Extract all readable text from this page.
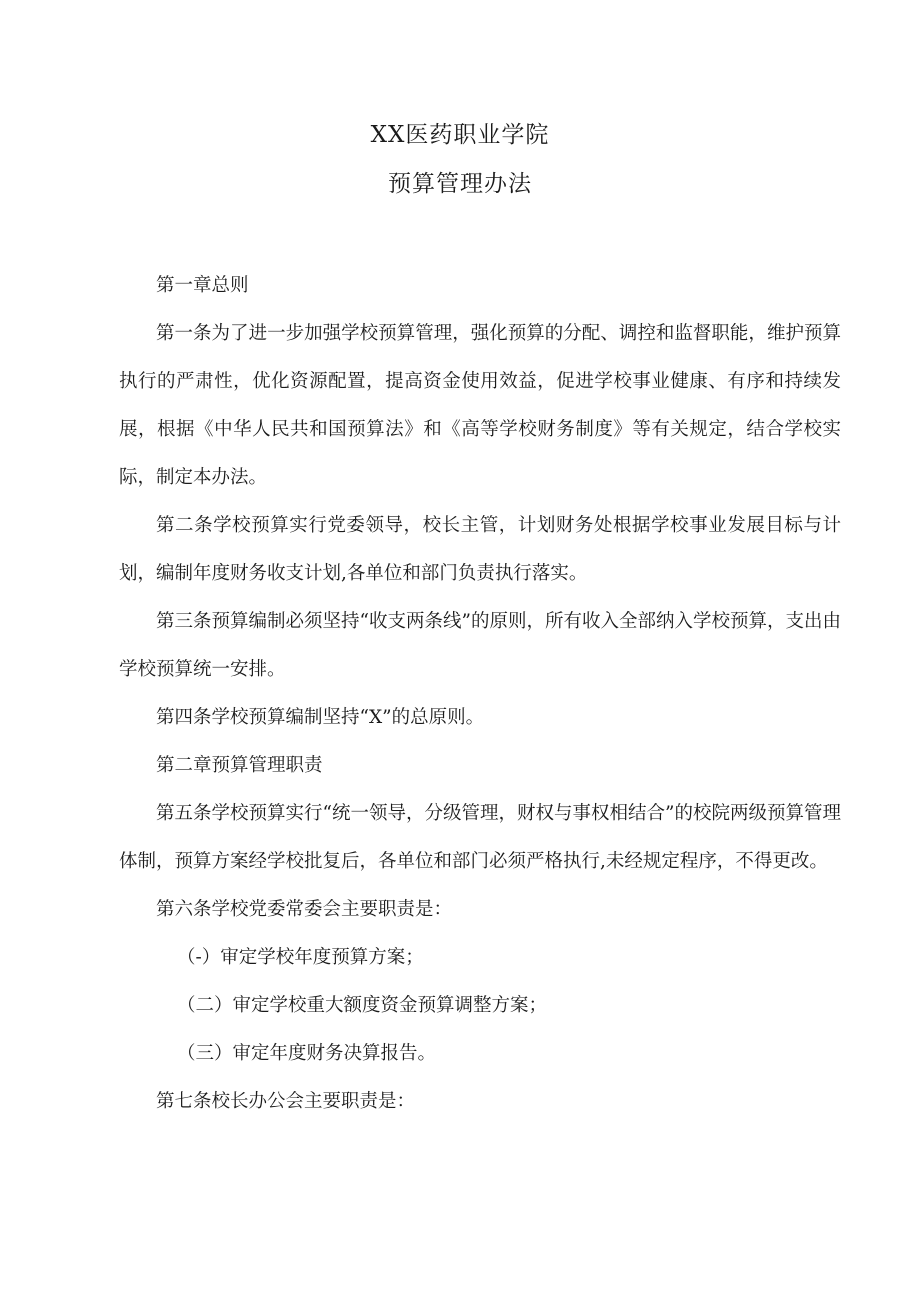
XX医药职业学院
预算管理办法

第一章总则

第一条为了进一步加强学校预算管理，强化预算的分配、调控和监督职能，维护预算执行的严肃性，优化资源配置，提高资金使用效益，促进学校事业健康、有序和持续发展，根据《中华人民共和国预算法》和《高等学校财务制度》等有关规定，结合学校实际，制定本办法。

第二条学校预算实行党委领导，校长主管，计划财务处根据学校事业发展目标与计划，编制年度财务收支计划,各单位和部门负责执行落实。

第三条预算编制必须坚持“收支两条线”的原则，所有收入全部纳入学校预算，支出由学校预算统一安排。

第四条学校预算编制坚持“X”的总原则。

第二章预算管理职责

第五条学校预算实行“统一领导，分级管理，财权与事权相结合”的校院两级预算管理体制，预算方案经学校批复后，各单位和部门必须严格执行,未经规定程序，不得更改。

第六条学校党委常委会主要职责是：

（-）审定学校年度预算方案；

（二）审定学校重大额度资金预算调整方案；

（三）审定年度财务决算报告。

第七条校长办公会主要职责是：
